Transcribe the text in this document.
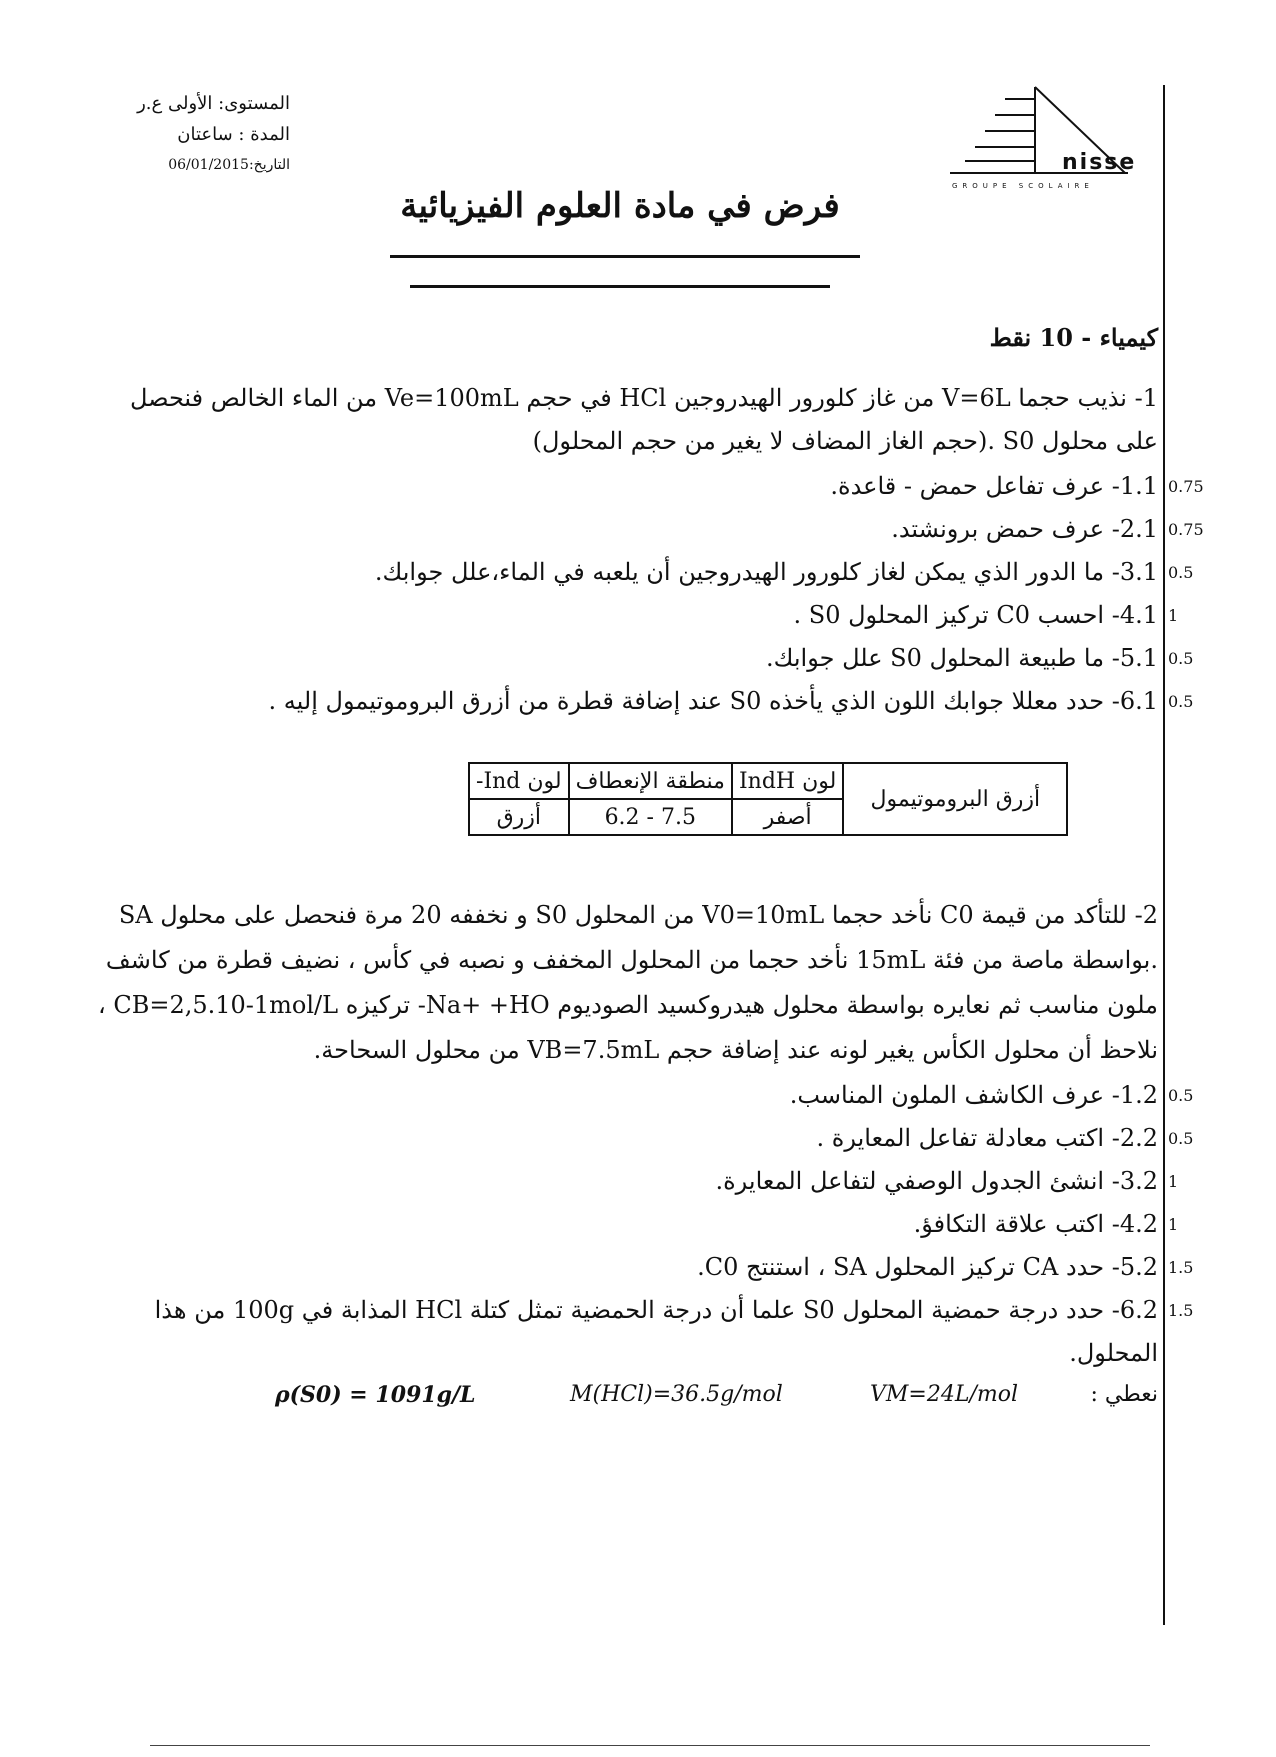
المستوى: الأولى ع.ر
المدة : ساعتان
التاريخ:06/01/2015
فرض في مادة العلوم الفيزيائية
nisse
GROUPE SCOLAIRE
كيمياء - 10 نقط
1- نذيب حجما V=6L من غاز كلورور الهيدروجين HCl في حجم Ve=100mL من الماء الخالص فنحصل
على محلول S0 .(حجم الغاز المضاف لا يغير من حجم المحلول)
1.1- عرف تفاعل حمض - قاعدة. 0.75
2.1- عرف حمض برونشتد. 0.75
3.1- ما الدور الذي يمكن لغاز كلورور الهيدروجين أن يلعبه في الماء،علل جوابك. 0.5
4.1- احسب C0 تركيز المحلول S0 . 1
5.1- ما طبيعة المحلول S0 علل جوابك. 0.5
6.1- حدد معللا جوابك اللون الذي يأخذه S0 عند إضافة قطرة من أزرق البروموتيمول إليه . 0.5
أزرق البروموتيمول	لون IndH	منطقة الإنعطاف	لون Ind-
	أصفر	7.5 - 6.2	أزرق
2- للتأكد من قيمة C0 نأخد حجما V0=10mL من المحلول S0 و نخففه 20 مرة فنحصل على محلول SA
.بواسطة ماصة من فئة 15mL نأخد حجما من المحلول المخفف و نصبه في كأس ، نضيف قطرة من كاشف
ملون مناسب ثم نعايره بواسطة محلول هيدروكسيد الصوديوم Na+ +HO- تركيزه CB=2,5.10-1mol/L ،
نلاحظ أن محلول الكأس يغير لونه عند إضافة حجم VB=7.5mL من محلول السحاحة.
1.2- عرف الكاشف الملون المناسب. 0.5
2.2- اكتب معادلة تفاعل المعايرة . 0.5
3.2- انشئ الجدول الوصفي لتفاعل المعايرة. 1
4.2- اكتب علاقة التكافؤ. 1
5.2- حدد CA تركيز المحلول SA ، استنتج C0. 1.5
6.2- حدد درجة حمضية المحلول S0 علما أن درجة الحمضية تمثل كتلة HCl المذابة في 100g من هذا 1.5
المحلول.
نعطي :
VM=24L/mol
M(HCl)=36.5g/mol
ρ(S0) = 1091g/L
